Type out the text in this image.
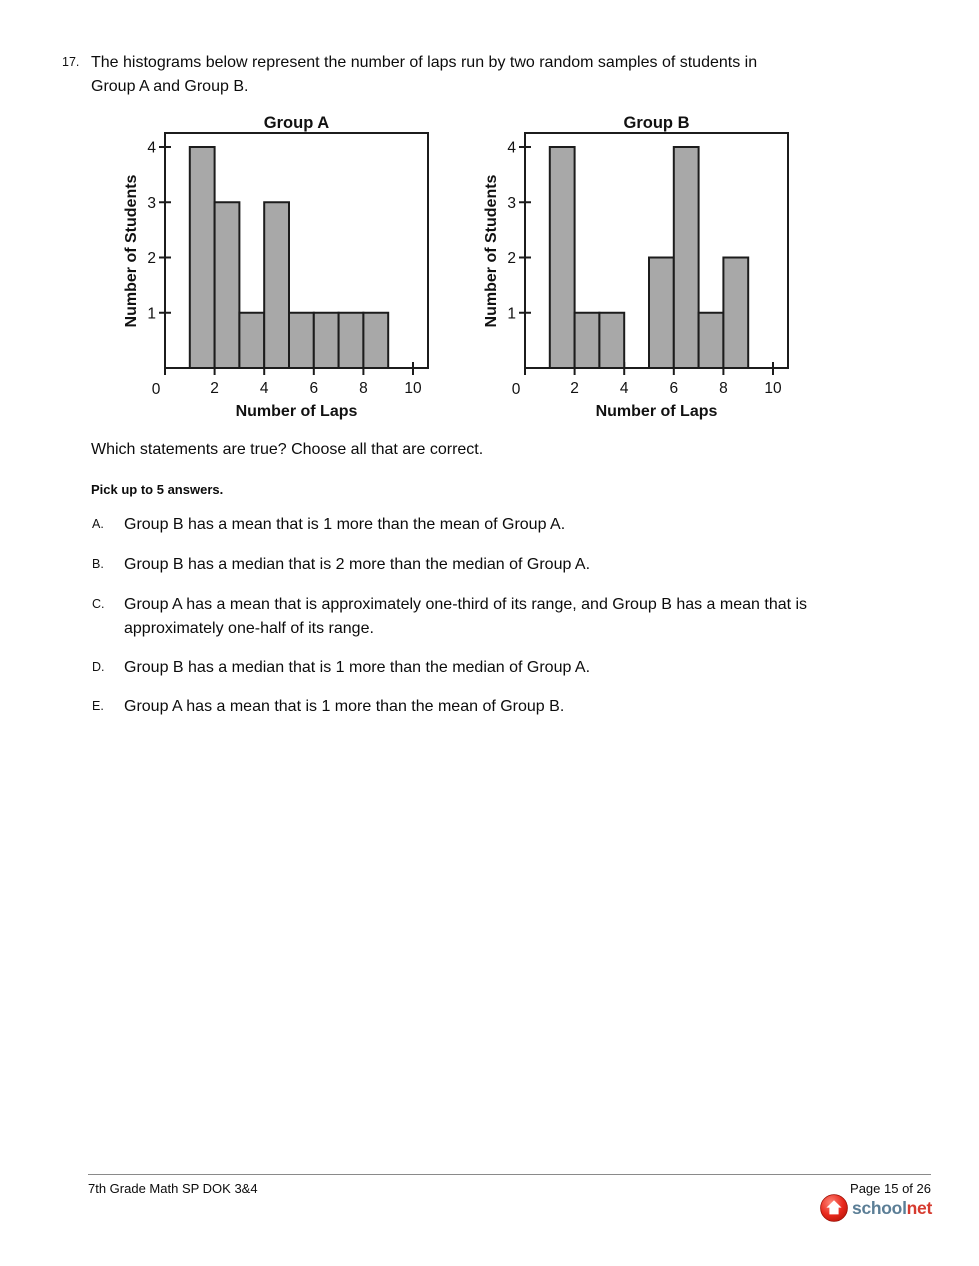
17. The histograms below represent the number of laps run by two random samples of students in Group A and Group B.
1
2
3
4
2	4	6	8 10
0
Group A
Number of Laps
Number of Students	1
2
3
4
2	4	6	8 10
0
Group B
Number of Laps
Number of Students
Which statements are true? Choose all that are correct.
Pick up to 5 answers.
A. Group B has a mean that is 1 more than the mean of Group A.
B. Group B has a median that is 2 more than the median of Group A.
C. Group A has a mean that is approximately one-third of its range, and Group B has a mean that is approximately one-half of its range.
D. Group B has a median that is 1 more than the median of Group A.
E. Group A has a mean that is 1 more than the mean of Group B.
7th Grade Math SP DOK 3&4	Page 15 of 26
schoolnet
